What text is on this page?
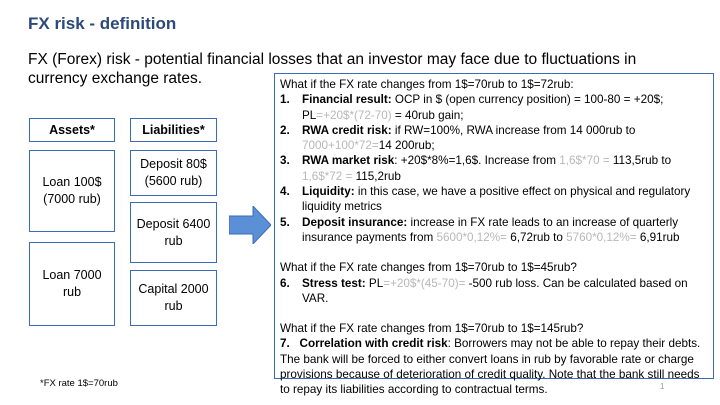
FX risk - definition
FX (Forex) risk - potential financial losses that an investor may face due to fluctuations in currency exchange rates.
Assets*	Liabilities*
Loan 100$ (7000 rub)
Loan 7000 rub
Deposit 80$ (5600 rub)
Deposit 6400 rub
Capital 2000 rub

What if the FX rate changes from 1$=70rub to 1$=72rub:

1.	Financial result: OCP in $ (open currency position) = 100-80 = +20$;
PL=+20$*(72-70) = 40rub gain;
2.	RWA credit risk: if RW=100%, RWA increase from 14 000rub to 7000+100*72=14 200rub;
3.	RWA market risk: +20$*8%=1,6$. Increase from 1,6$*70 = 113,5rub to
1,6$*72 = 115,2rub
4.	Liquidity: in this case, we have a positive effect on physical and regulatory liquidity metrics
5.	Deposit insurance: increase in FX rate leads to an increase of quarterly insurance payments from 5600*0,12%= 6,72rub to 5760*0,12%= 6,91rub

What if the FX rate changes from 1$=70rub to 1$=45rub?

6.	Stress test: PL=+20$*(45-70)= -500 rub loss. Can be calculated based on VAR.

What if the FX rate changes from 1$=70rub to 1$=145rub?

7. Correlation with credit risk: Borrowers may not be able to repay their debts. The bank will be forced to either convert loans in rub by favorable rate or charge provisions because of deterioration of credit quality. Note that the bank still needs to repay its liabilities according to contractual terms.

*FX rate 1$=70rub	1
